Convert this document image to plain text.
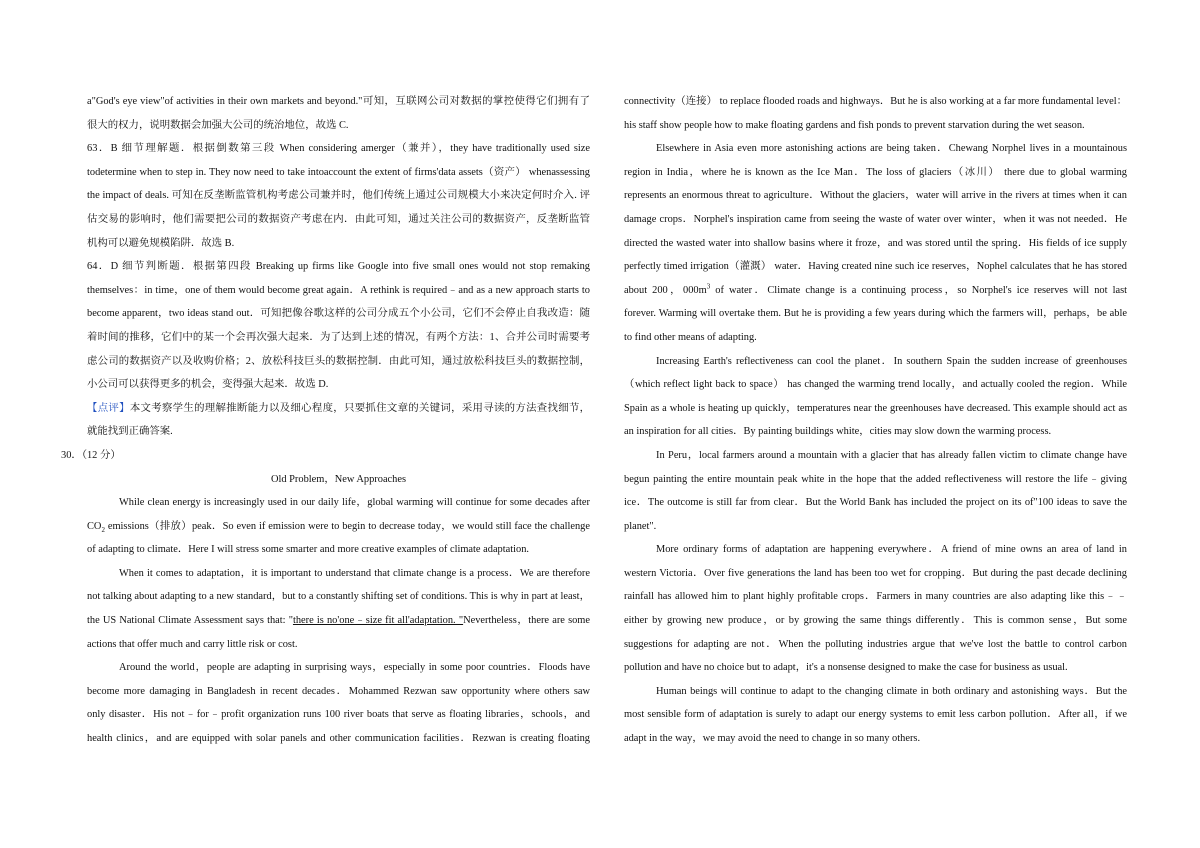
a"God's eye view"of activities in their own markets and beyond."可知，互联网公司对数据的掌控使得它们拥有了
很大的权力，说明数据会加强大公司的统治地位，故选 C.
63．B 细节理解题．根据倒数第三段 When considering amerger（兼并），they have traditionally used size
todetermine when to step in. They now need to take intoaccount the extent of firms'data assets（资产） whenassessing
the impact of deals. 可知在反垄断监管机构考虑公司兼并时，他们传统上通过公司规模大小来决定何时介入. 评
估交易的影响时，他们需要把公司的数据资产考虑在内．由此可知，通过关注公司的数据资产，反垄断监管
机构可以避免规模陷阱．故选 B.
64．D 细节判断题．根据第四段 Breaking up firms like Google into five small ones would not stop remaking
themselves：in time，one of them would become great again．A rethink is required﹣and as a new approach starts to
become apparent，two ideas stand out．可知把像谷歌这样的公司分成五个小公司，它们不会停止自我改造：随
着时间的推移，它们中的某一个会再次强大起来．为了达到上述的情况，有两个方法：1、合并公司时需要考
虑公司的数据资产以及收购价格；2、放松科技巨头的数据控制．由此可知，通过放松科技巨头的数据控制，
小公司可以获得更多的机会，变得强大起来．故选 D.
【点评】本文考察学生的理解推断能力以及细心程度，只要抓住文章的关键词，采用寻读的方法查找细节，
就能找到正确答案.
30．（12 分）
Old Problem，New Approaches
While clean energy is increasingly used in our daily life，global warming will continue for some decades after
$CO_2$ emissions（排放）peak．So even if emission were to begin to decrease today，we would still face the challenge
of adapting to climate．Here I will stress some smarter and more creative examples of climate adaptation.
When it comes to adaptation，it is important to understand that climate change is a process．We are therefore
not talking about adapting to a new standard，but to a constantly shifting set of conditions. This is why in part at least，
the US National Climate Assessment says that: "there is no'one﹣size fit all'adaptation. "Nevertheless，there are some
actions that offer much and carry little risk or cost.
Around the world，people are adapting in surprising ways，especially in some poor countries．Floods have
become more damaging in Bangladesh in recent decades．Mohammed Rezwan saw opportunity where others saw
only disaster．His not﹣for﹣profit organization runs 100 river boats that serve as floating libraries，schools，and
health clinics，and are equipped with solar panels and other communication facilities．Rezwan is creating floating
connectivity（连接） to replace flooded roads and highways．But he is also working at a far more fundamental level：
his staff show people how to make floating gardens and fish ponds to prevent starvation during the wet season.
Elsewhere in Asia even more astonishing actions are being taken．Chewang Norphel lives in a mountainous
region in India，where he is known as the Ice Man．The loss of glaciers（冰川） there due to global warming
represents an enormous threat to agriculture．Without the glaciers，water will arrive in the rivers at times when it can
damage crops．Norphel's inspiration came from seeing the waste of water over winter，when it was not needed．He
directed the wasted water into shallow basins where it froze，and was stored until the spring．His fields of ice supply
perfectly timed irrigation（灌溉） water．Having created nine such ice reserves，Nophel calculates that he has stored
about 200，$000m^3$ of water．Climate change is a continuing process，so Norphel's ice reserves will not last
forever. Warming will overtake them. But he is providing a few years during which the farmers will，perhaps，be able
to find other means of adapting.
Increasing Earth's reflectiveness can cool the planet．In southern Spain the sudden increase of greenhouses
（which reflect light back to space） has changed the warming trend locally，and actually cooled the region．While
Spain as a whole is heating up quickly，temperatures near the greenhouses have decreased. This example should act as
an inspiration for all cities．By painting buildings white，cities may slow down the warming process.
In Peru，local farmers around a mountain with a glacier that has already fallen victim to climate change have
begun painting the entire mountain peak white in the hope that the added reflectiveness will restore the life﹣giving
ice．The outcome is still far from clear．But the World Bank has included the project on its of"100 ideas to save the
planet".
More ordinary forms of adaptation are happening everywhere．A friend of mine owns an area of land in
western Victoria．Over five generations the land has been too wet for cropping．But during the past decade declining
rainfall has allowed him to plant highly profitable crops．Farmers in many countries are also adapting like this﹣﹣
either by growing new produce，or by growing the same things differently．This is common sense，But some
suggestions for adapting are not．When the polluting industries argue that we've lost the battle to control carbon
pollution and have no choice but to adapt，it's a nonsense designed to make the case for business as usual.
Human beings will continue to adapt to the changing climate in both ordinary and astonishing ways．But the
most sensible form of adaptation is surely to adapt our energy systems to emit less carbon pollution．After all，if we
adapt in the way，we may avoid the need to change in so many others.
